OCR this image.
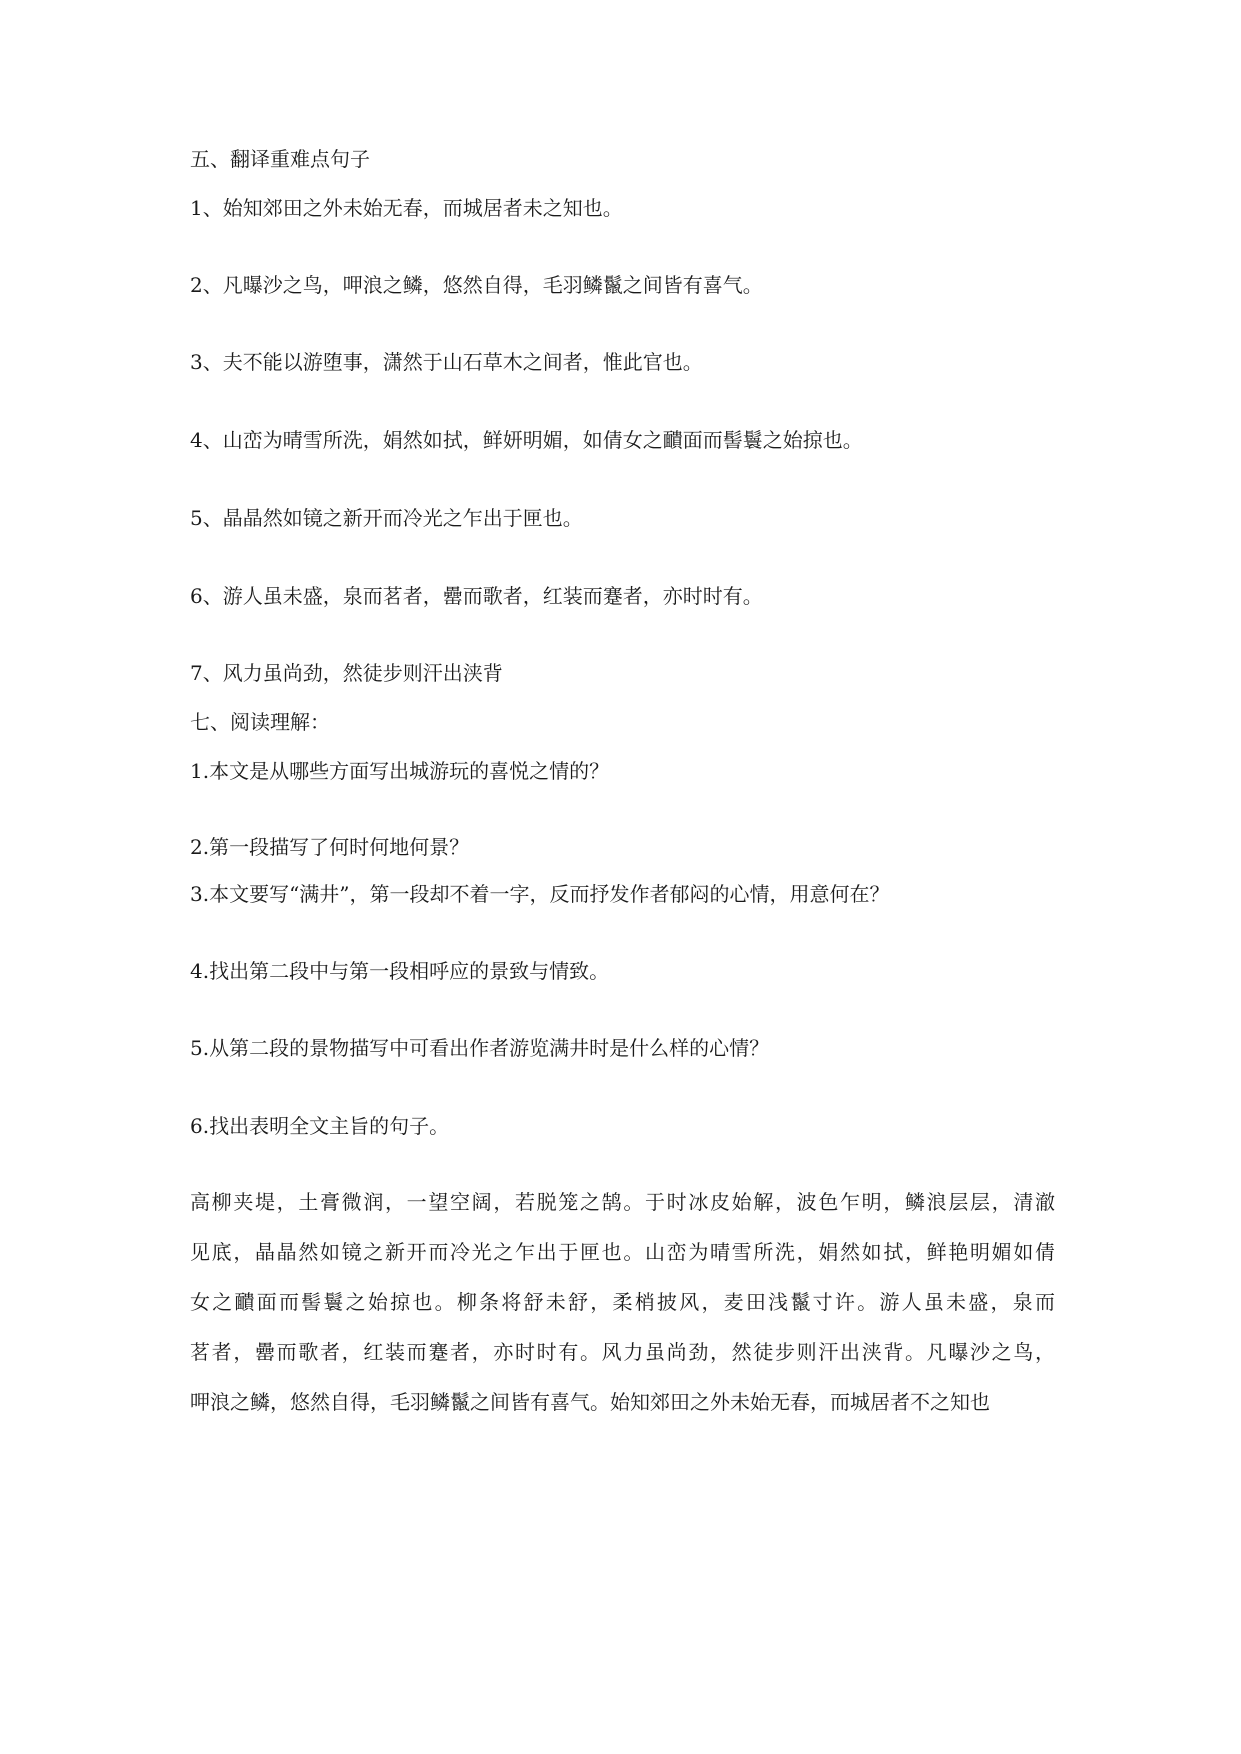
五、翻译重难点句子
1、始知郊田之外未始无春，而城居者未之知也。
2、凡曝沙之鸟，呷浪之鳞，悠然自得，毛羽鳞鬣之间皆有喜气。
3、夫不能以游堕事，潇然于山石草木之间者，惟此官也。
4、山峦为晴雪所洗，娟然如拭，鲜妍明媚，如倩女之靧面而髻鬟之始掠也。
5、晶晶然如镜之新开而冷光之乍出于匣也。
6、游人虽未盛，泉而茗者，罍而歌者，红装而蹇者，亦时时有。
7、风力虽尚劲，然徒步则汗出浃背
七、阅读理解：
1.本文是从哪些方面写出城游玩的喜悦之情的？
2.第一段描写了何时何地何景？
3.本文要写“满井”，第一段却不着一字，反而抒发作者郁闷的心情，用意何在？
4.找出第二段中与第一段相呼应的景致与情致。
5.从第二段的景物描写中可看出作者游览满井时是什么样的心情？
6.找出表明全文主旨的句子。
高柳夹堤，土膏微润，一望空阔，若脱笼之鹄。于时冰皮始解，波色乍明，鳞浪层层，清澈
见底，晶晶然如镜之新开而冷光之乍出于匣也。山峦为晴雪所洗，娟然如拭，鲜艳明媚如倩
女之靧面而髻鬟之始掠也。柳条将舒未舒，柔梢披风，麦田浅鬣寸许。游人虽未盛，泉而
茗者，罍而歌者，红装而蹇者，亦时时有。风力虽尚劲，然徒步则汗出浃背。凡曝沙之鸟，
呷浪之鳞，悠然自得，毛羽鳞鬣之间皆有喜气。始知郊田之外未始无春，而城居者不之知也
